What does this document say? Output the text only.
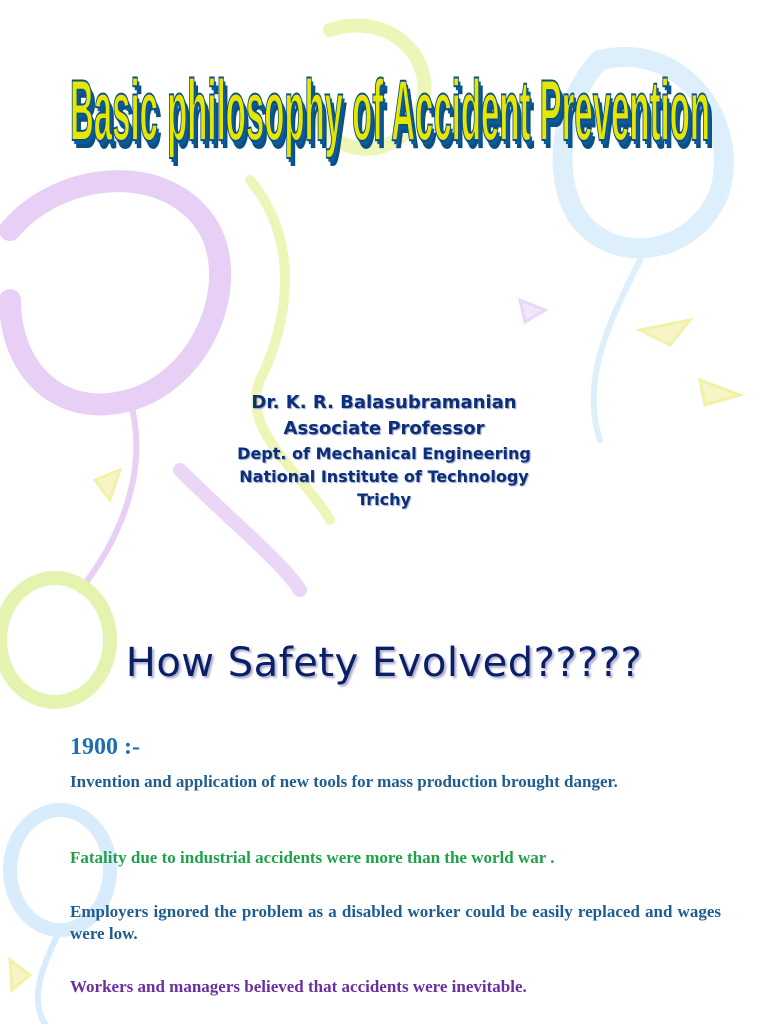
Basic philosophy of Accident Prevention
Basic philosophy of Accident Prevention
Basic philosophy of Accident Prevention
Dr. K. R. Balasubramanian
Associate Professor
Dept. of Mechanical Engineering
National Institute of Technology
Trichy
How Safety Evolved?????
1900 :-
Invention and application of new tools for mass production brought danger.
Fatality due to industrial accidents were more than the world war .
Employers ignored the problem as a disabled worker could be easily replaced and wages were low.
Workers and managers believed that accidents were inevitable.
